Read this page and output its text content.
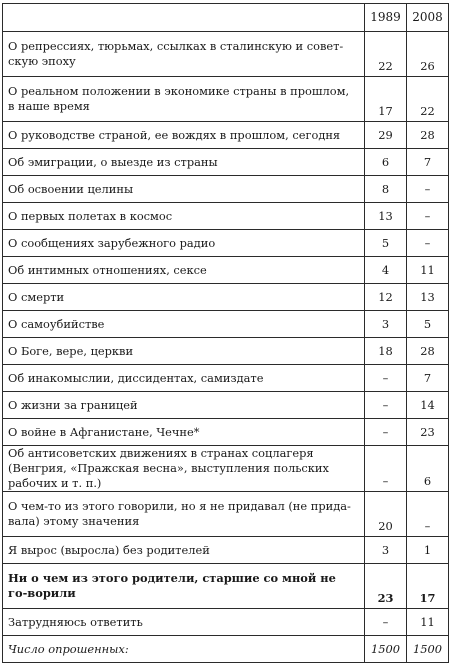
	1989	2008
О репрессиях, тюрьмах, ссылках в сталинскую и совет-скую эпоху	22	26
О реальном положении в экономике страны в прошлом, в наше время	17	22
О руководстве страной, ее вождях в прошлом, сегодня	29	28
Об эмиграции, о выезде из страны	6	7
Об освоении целины	8	–
О первых полетах в космос	13	–
О сообщениях зарубежного радио	5	–
Об интимных отношениях, сексе	4	11
О смерти	12	13
О самоубийстве	3	5
О Боге, вере, церкви	18	28
Об инакомыслии, диссидентах, самиздате	–	7
О жизни за границей	–	14
О войне в Афганистане, Чечне*	–	23
Об антисоветских движениях в странах соцлагеря (Венгрия, «Пражская весна», выступления польских рабочих и т. п.)	–	6
О чем-то из этого говорили, но я не придавал (не прида-вала) этому значения	20	–
Я вырос (выросла) без родителей	3	1
Ни о чем из этого родители, старшие со мной не го-ворили	23	17
Затрудняюсь ответить	–	11
Число опрошенных:	1500	1500
